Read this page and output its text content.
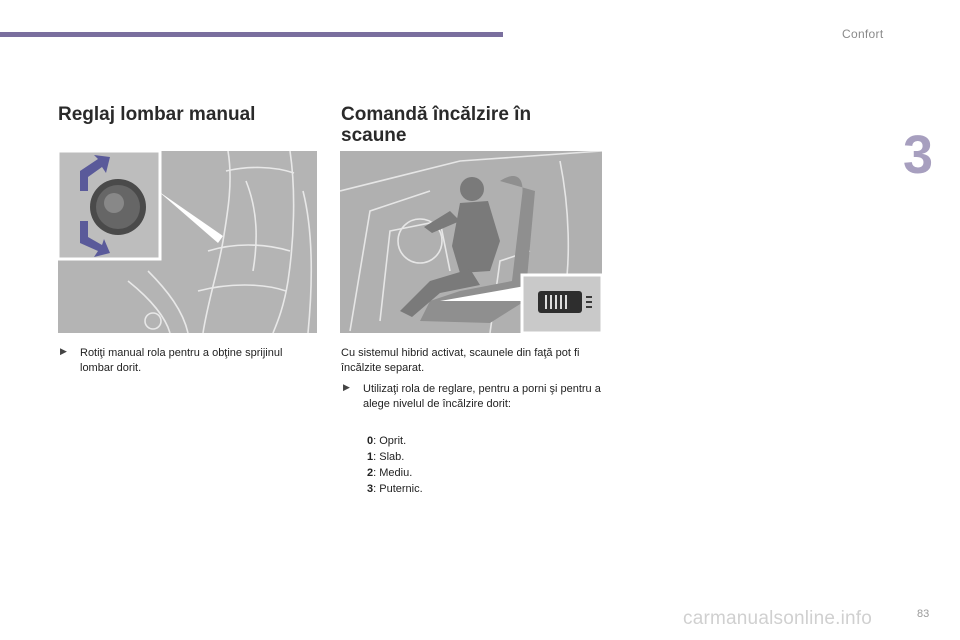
Confort
3
Reglaj lombar manual	Comandă încălzire în scaune
▶ Rotiţi manual rola pentru a obţine sprijinul lombar dorit.
Cu sistemul hibrid activat, scaunele din faţă pot fi încălzite separat.
▶ Utilizaţi rola de reglare, pentru a porni şi pentru a alege nivelul de încălzire dorit:
0: Oprit.
1: Slab.
2: Mediu.
3: Puternic.
carmanualsonline.info	83
